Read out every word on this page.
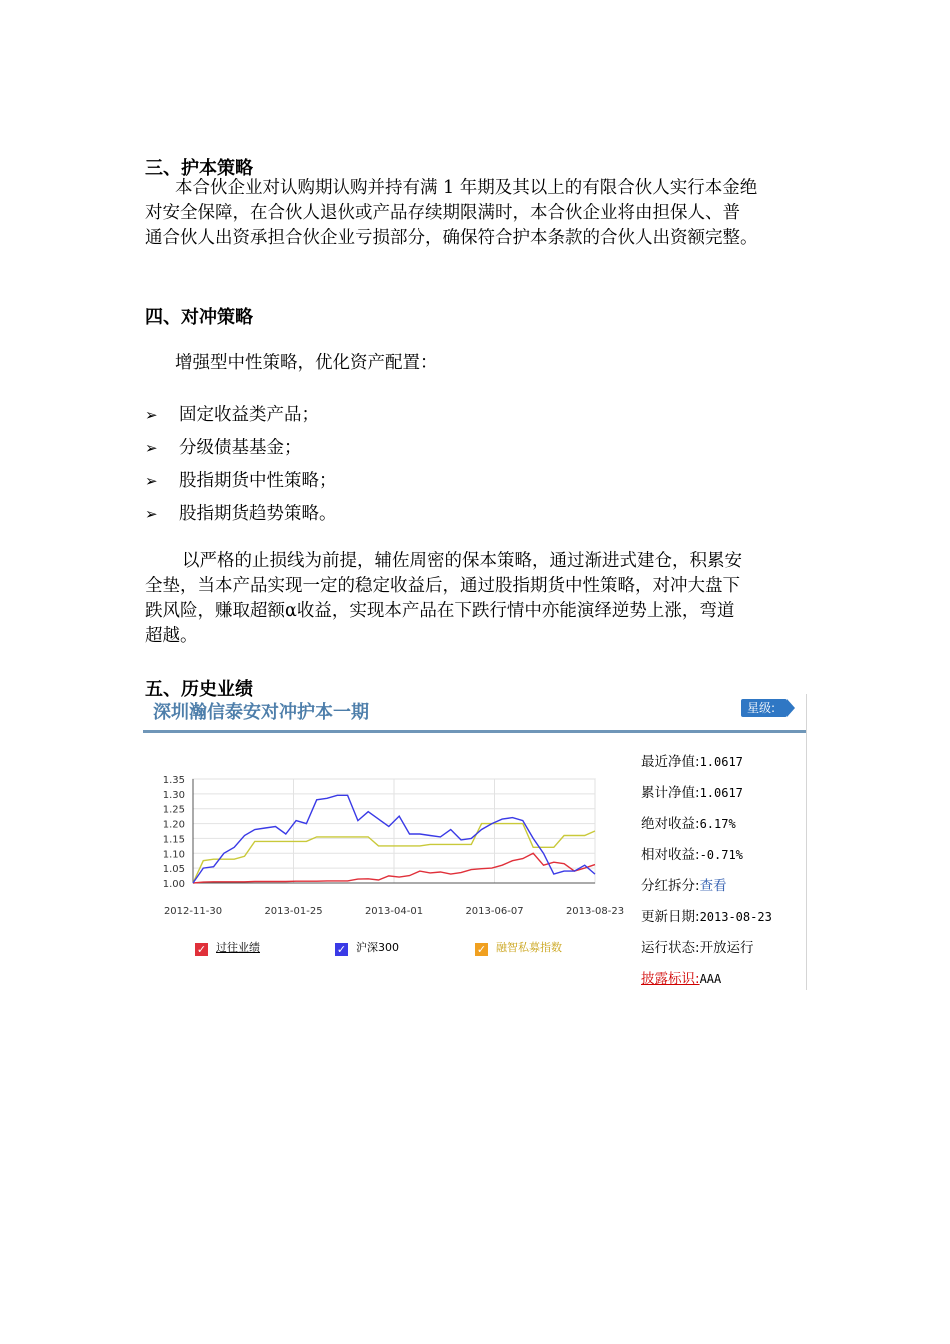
三、护本策略
本合伙企业对认购期认购并持有满 1 年期及其以上的有限合伙人实行本金绝
对安全保障，在合伙人退伙或产品存续期限满时，本合伙企业将由担保人、普
通合伙人出资承担合伙企业亏损部分，确保符合护本条款的合伙人出资额完整。
四、对冲策略
增强型中性策略，优化资产配置：
➢ 固定收益类产品；
➢ 分级债基基金；
➢ 股指期货中性策略；
➢ 股指期货趋势策略。
以严格的止损线为前提，辅佐周密的保本策略，通过渐进式建仓，积累安
全垫，当本产品实现一定的稳定收益后，通过股指期货中性策略，对冲大盘下
跌风险，赚取超额α收益，实现本产品在下跌行情中亦能演绎逆势上涨，弯道
超越。
五、历史业绩
深圳瀚信泰安对冲护本一期	星级:
1.00
1.05
1.10
1.15
1.20
1.25
1.30
1.35
2012-11-30	2013-01-25	2013-04-01	2013-06-07	2013-08-23
✓ 过往业绩	✓ 沪深300	✓ 融智私募指数
最近净值:1.0617
累计净值:1.0617
绝对收益:6.17%
相对收益:-0.71%
分红拆分:查看
更新日期:2013-08-23
运行状态:开放运行
披露标识:AAA
